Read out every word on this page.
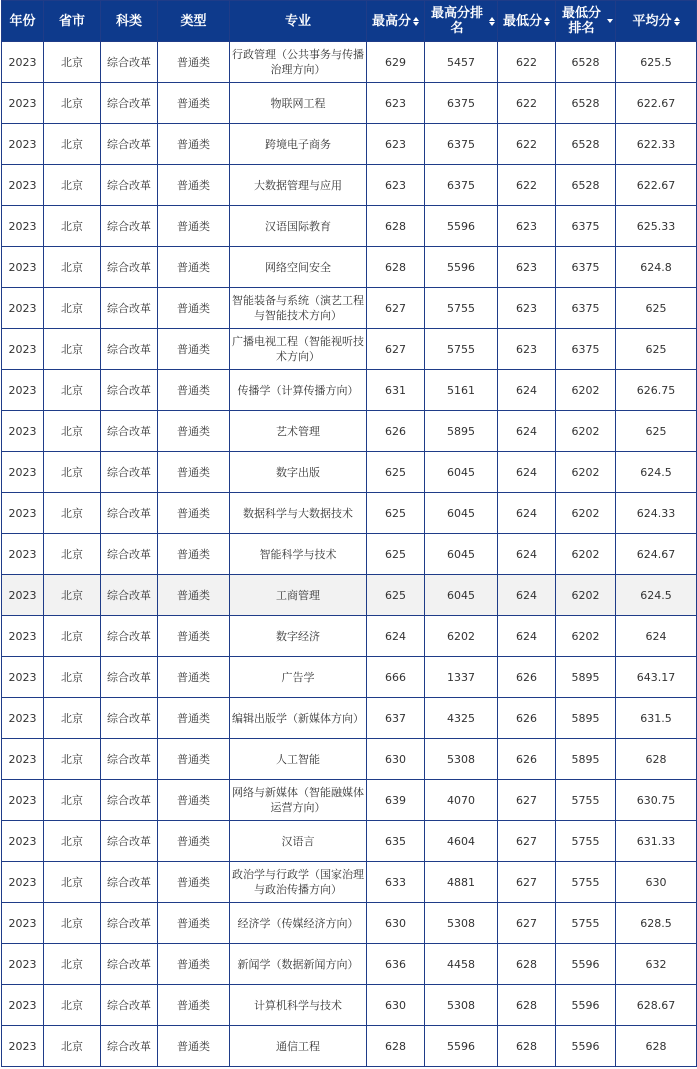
年份	省市	科类	类型	专业	最高分	最高分排名	最低分	最低分排名	平均分

2023	北京	综合改革	普通类	行政管理（公共事务与传播治理方向）	629	5457	622	6528	625.5
2023	北京	综合改革	普通类	物联网工程	623	6375	622	6528	622.67
2023	北京	综合改革	普通类	跨境电子商务	623	6375	622	6528	622.33
2023	北京	综合改革	普通类	大数据管理与应用	623	6375	622	6528	622.67
2023	北京	综合改革	普通类	汉语国际教育	628	5596	623	6375	625.33
2023	北京	综合改革	普通类	网络空间安全	628	5596	623	6375	624.8
2023	北京	综合改革	普通类	智能装备与系统（演艺工程与智能技术方向）	627	5755	623	6375	625
2023	北京	综合改革	普通类	广播电视工程（智能视听技术方向）	627	5755	623	6375	625
2023	北京	综合改革	普通类	传播学（计算传播方向）	631	5161	624	6202	626.75
2023	北京	综合改革	普通类	艺术管理	626	5895	624	6202	625
2023	北京	综合改革	普通类	数字出版	625	6045	624	6202	624.5
2023	北京	综合改革	普通类	数据科学与大数据技术	625	6045	624	6202	624.33
2023	北京	综合改革	普通类	智能科学与技术	625	6045	624	6202	624.67
2023	北京	综合改革	普通类	工商管理	625	6045	624	6202	624.5
2023	北京	综合改革	普通类	数字经济	624	6202	624	6202	624
2023	北京	综合改革	普通类	广告学	666	1337	626	5895	643.17
2023	北京	综合改革	普通类	编辑出版学（新媒体方向）	637	4325	626	5895	631.5
2023	北京	综合改革	普通类	人工智能	630	5308	626	5895	628
2023	北京	综合改革	普通类	网络与新媒体（智能融媒体运营方向）	639	4070	627	5755	630.75
2023	北京	综合改革	普通类	汉语言	635	4604	627	5755	631.33
2023	北京	综合改革	普通类	政治学与行政学（国家治理与政治传播方向）	633	4881	627	5755	630
2023	北京	综合改革	普通类	经济学（传媒经济方向）	630	5308	627	5755	628.5
2023	北京	综合改革	普通类	新闻学（数据新闻方向）	636	4458	628	5596	632
2023	北京	综合改革	普通类	计算机科学与技术	630	5308	628	5596	628.67
2023	北京	综合改革	普通类	通信工程	628	5596	628	5596	628
